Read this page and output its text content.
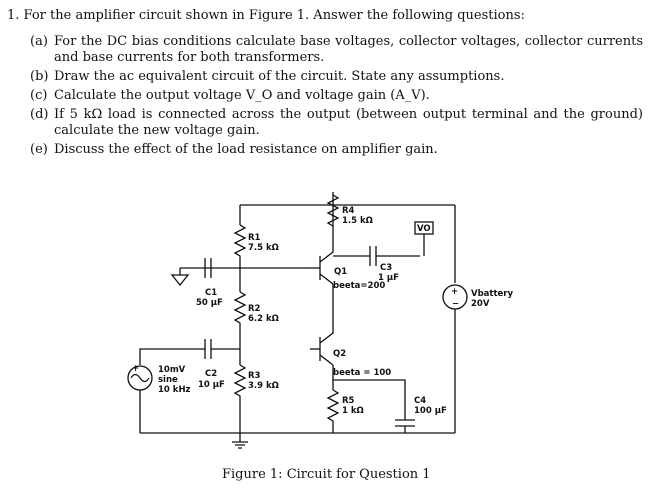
1. For the amplifier circuit shown in Figure 1. Answer the following questions:
(a) For the DC bias conditions calculate base voltages, collector voltages, collector currents and base currents for both transformers.
(b) Draw the ac equivalent circuit of the circuit. State any assumptions.
(c) Calculate the output voltage V_O and voltage gain (A_V).
(d) If 5 kΩ load is connected across the output (between output terminal and the ground) calculate the new voltage gain.
(e) Discuss the effect of the load resistance on amplifier gain.
+
−
+
R4
1.5 kΩ
R1
7.5 kΩ
R2
6.2 kΩ
R3
3.9 kΩ
R5
1 kΩ
C1
50 µF
C2
10 µF
C3
1 µF
C4
100 µF
Q1
beeta=200
Q2
beeta = 100
10mV
sine
10 kHz
Vbattery
20V
VO
Figure 1: Circuit for Question 1
